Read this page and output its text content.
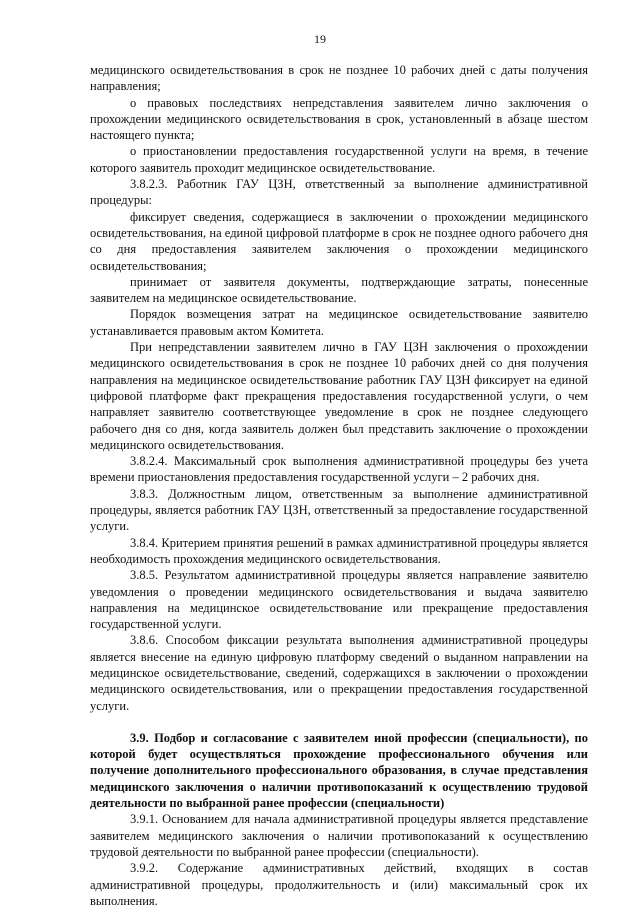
19

медицинского освидетельствования в срок не позднее 10 рабочих дней с даты получения направления;

о правовых последствиях непредставления заявителем лично заключения о прохождении медицинского освидетельствования в срок, установленный в абзаце шестом настоящего пункта;

о приостановлении предоставления государственной услуги на время, в течение которого заявитель проходит медицинское освидетельствование.

3.8.2.3. Работник ГАУ ЦЗН, ответственный за выполнение административной процедуры:

фиксирует сведения, содержащиеся в заключении о прохождении медицинского освидетельствования, на единой цифровой платформе в срок не позднее одного рабочего дня со дня предоставления заявителем заключения о прохождении медицинского освидетельствования;

принимает от заявителя документы, подтверждающие затраты, понесенные заявителем на медицинское освидетельствование.

Порядок возмещения затрат на медицинское освидетельствование заявителю устанавливается правовым актом Комитета.

При непредставлении заявителем лично в ГАУ ЦЗН заключения о прохождении медицинского освидетельствования в срок не позднее 10 рабочих дней со дня получения направления на медицинское освидетельствование работник ГАУ ЦЗН фиксирует на единой цифровой платформе факт прекращения предоставления государственной услуги, о чем направляет заявителю соответствующее уведомление в срок не позднее следующего рабочего дня со дня, когда заявитель должен был представить заключение о прохождении медицинского освидетельствования.

3.8.2.4. Максимальный срок выполнения административной процедуры без учета времени приостановления предоставления государственной услуги – 2 рабочих дня.

3.8.3. Должностным лицом, ответственным за выполнение административной процедуры, является работник ГАУ ЦЗН, ответственный за предоставление государственной услуги.

3.8.4. Критерием принятия решений в рамках административной процедуры является необходимость прохождения медицинского освидетельствования.

3.8.5. Результатом административной процедуры является направление заявителю уведомления о проведении медицинского освидетельствования и выдача заявителю направления на медицинское освидетельствование или прекращение предоставления государственной услуги.

3.8.6. Способом фиксации результата выполнения административной процедуры является внесение на единую цифровую платформу сведений о выданном направлении на медицинское освидетельствование, сведений, содержащихся в заключении о прохождении медицинского освидетельствования, или о прекращении предоставления государственной услуги.

3.9. Подбор и согласование с заявителем иной профессии (специальности), по которой будет осуществляться прохождение профессионального обучения или получение дополнительного профессионального образования, в случае представления медицинского заключения о наличии противопоказаний к осуществлению трудовой деятельности по выбранной ранее профессии (специальности)

3.9.1. Основанием для начала административной процедуры является представление заявителем медицинского заключения о наличии противопоказаний к осуществлению трудовой деятельности по выбранной ранее профессии (специальности).

3.9.2. Содержание административных действий, входящих в состав административной процедуры, продолжительность и (или) максимальный срок их выполнения.
